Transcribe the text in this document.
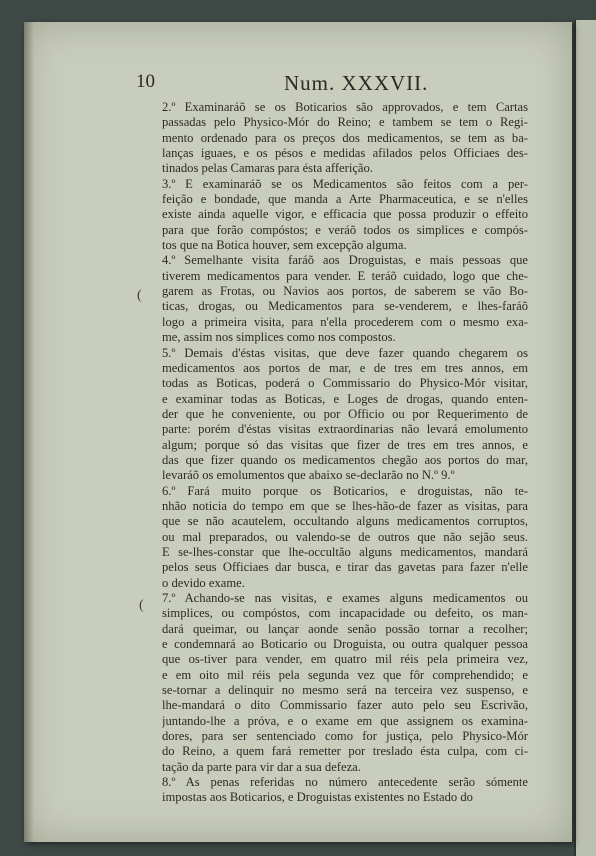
10	Num. XXXVII.
2.º Examinaráõ se os Boticarios são approvados, e tem Cartas
passadas pelo Physico-Mór do Reino; e tambem se tem o Regi-
mento ordenado para os preços dos medicamentos, se tem as ba-
lanças iguaes, e os pésos e medidas afilados pelos Officiaes des-
tinados pelas Camaras para ésta afferição.
3.º E examinaráõ se os Medicamentos são feitos com a per-
feição e bondade, que manda a Arte Pharmaceutica, e se n'elles
existe ainda aquelle vigor, e efficacia que possa produzir o effeito
para que forão compóstos; e veráõ todos os simplices e compós-
tos que na Botica houver, sem excepção alguma.
4.º Semelhante visita faráõ aos Droguistas, e mais pessoas que
tiverem medicamentos para vender. E teráõ cuidado, logo que che-
garem as Frotas, ou Navios aos portos, de saberem se vão Bo-
ticas, drogas, ou Medicamentos para se-venderem, e lhes-faráõ
logo a primeira visita, para n'ella procederem com o mesmo exa-
me, assim nos simplices como nos compostos.
5.º Demais d'éstas visitas, que deve fazer quando chegarem os
medicamentos aos portos de mar, e de tres em tres annos, em
todas as Boticas, poderá o Commissario do Physico-Mór visitar,
e examinar todas as Boticas, e Loges de drogas, quando enten-
der que he conveniente, ou por Officio ou por Requerimento de
parte: porém d'éstas visitas extraordinarias não levará emolumento
algum; porque só das visitas que fizer de tres em tres annos, e
das que fizer quando os medicamentos chegão aos portos do mar,
levaráõ os emolumentos que abaixo se-declarão no N.º 9.º
6.º Fará muito porque os Boticarios, e droguistas, não te-
nhão noticia do tempo em que se lhes-hão-de fazer as visitas, para
que se não acautelem, occultando alguns medicamentos corruptos,
ou mal preparados, ou valendo-se de outros que não sejão seus.
E se-lhes-constar que lhe-occultão alguns medicamentos, mandará
pelos seus Officiaes dar busca, e tirar das gavetas para fazer n'elle
o devido exame.
7.º Achando-se nas visitas, e exames alguns medicamentos ou
simplices, ou compóstos, com incapacidade ou defeito, os man-
dará queimar, ou lançar aonde senão possão tornar a recolher;
e condemnará ao Boticario ou Droguista, ou outra qualquer pessoa
que os-tiver para vender, em quatro mil réis pela primeira vez,
e em oito mil réis pela segunda vez que fôr comprehendido; e
se-tornar a delinquir no mesmo será na terceira vez suspenso, e
lhe-mandará o dito Commissario fazer auto pelo seu Escrivão,
juntando-lhe a próva, e o exame em que assignem os examina-
dores, para ser sentenciado como for justiça, pelo Physico-Mór
do Reino, a quem fará remetter por treslado ésta culpa, com ci-
tação da parte para vir dar a sua defeza.
8.º As penas referidas no número antecedente serão sómente
impostas aos Boticarios, e Droguistas existentes no Estado do
(
(
